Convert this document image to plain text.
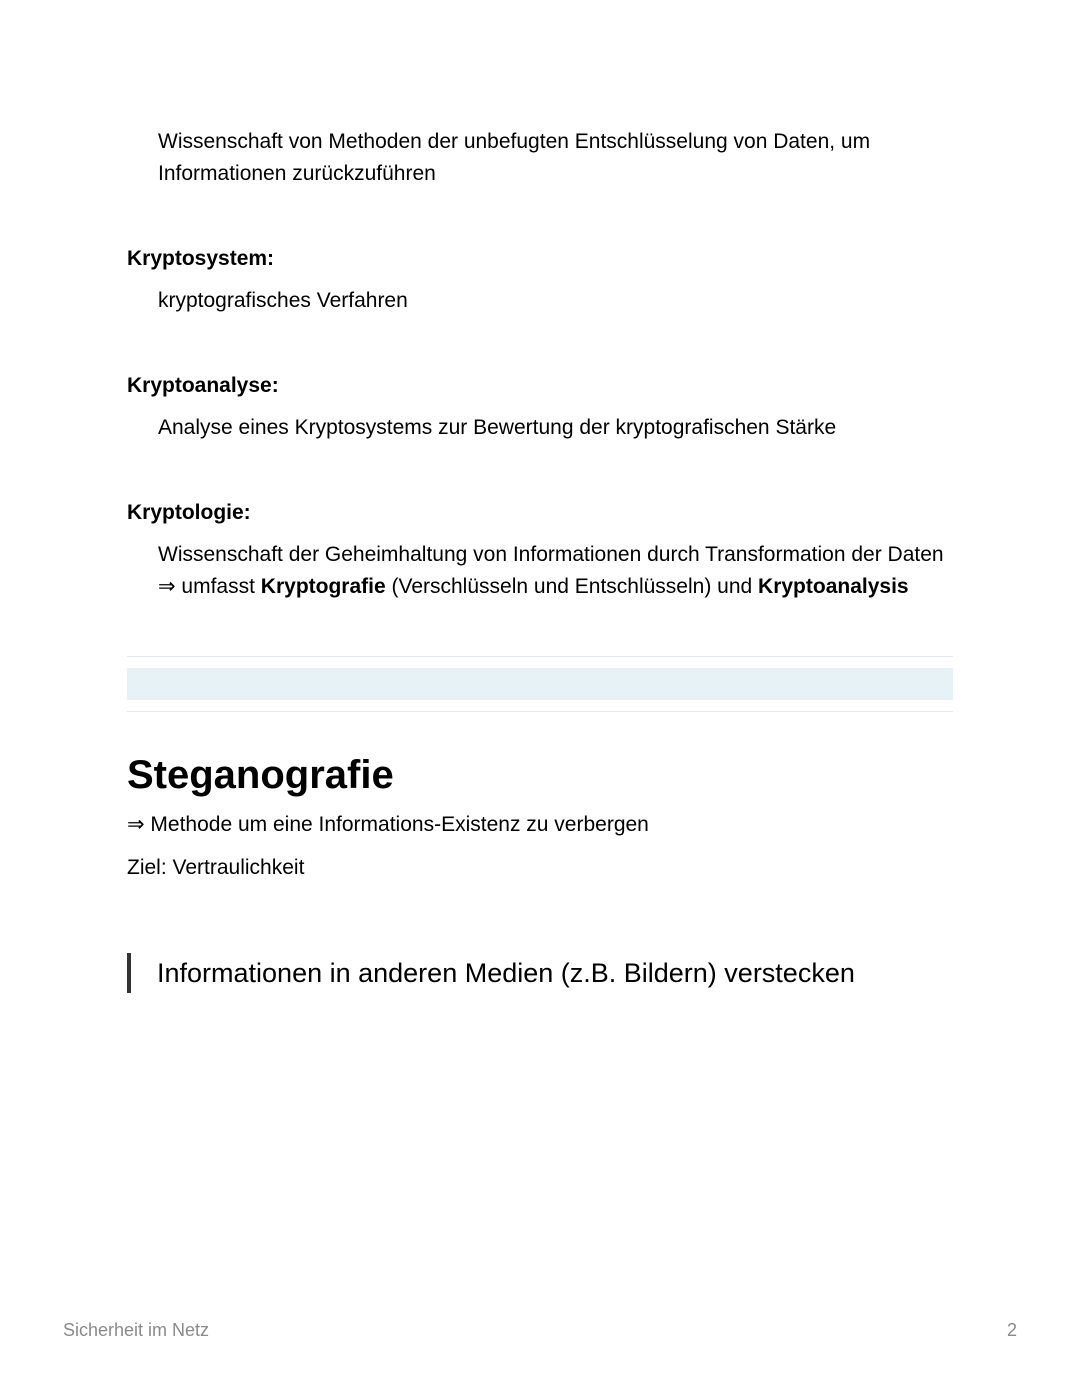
Wissenschaft von Methoden der unbefugten Entschlüsselung von Daten, um
Informationen zurückzuführen
Kryptosystem:
kryptografisches Verfahren
Kryptoanalyse:
Analyse eines Kryptosystems zur Bewertung der kryptografischen Stärke
Kryptologie:
Wissenschaft der Geheimhaltung von Informationen durch Transformation der Daten
⇒ umfasst Kryptografie (Verschlüsseln und Entschlüsseln) und Kryptoanalysis
Steganografie
⇒ Methode um eine Informations-Existenz zu verbergen
Ziel: Vertraulichkeit
Informationen in anderen Medien (z.B. Bildern) verstecken
Sicherheit im Netz	2
